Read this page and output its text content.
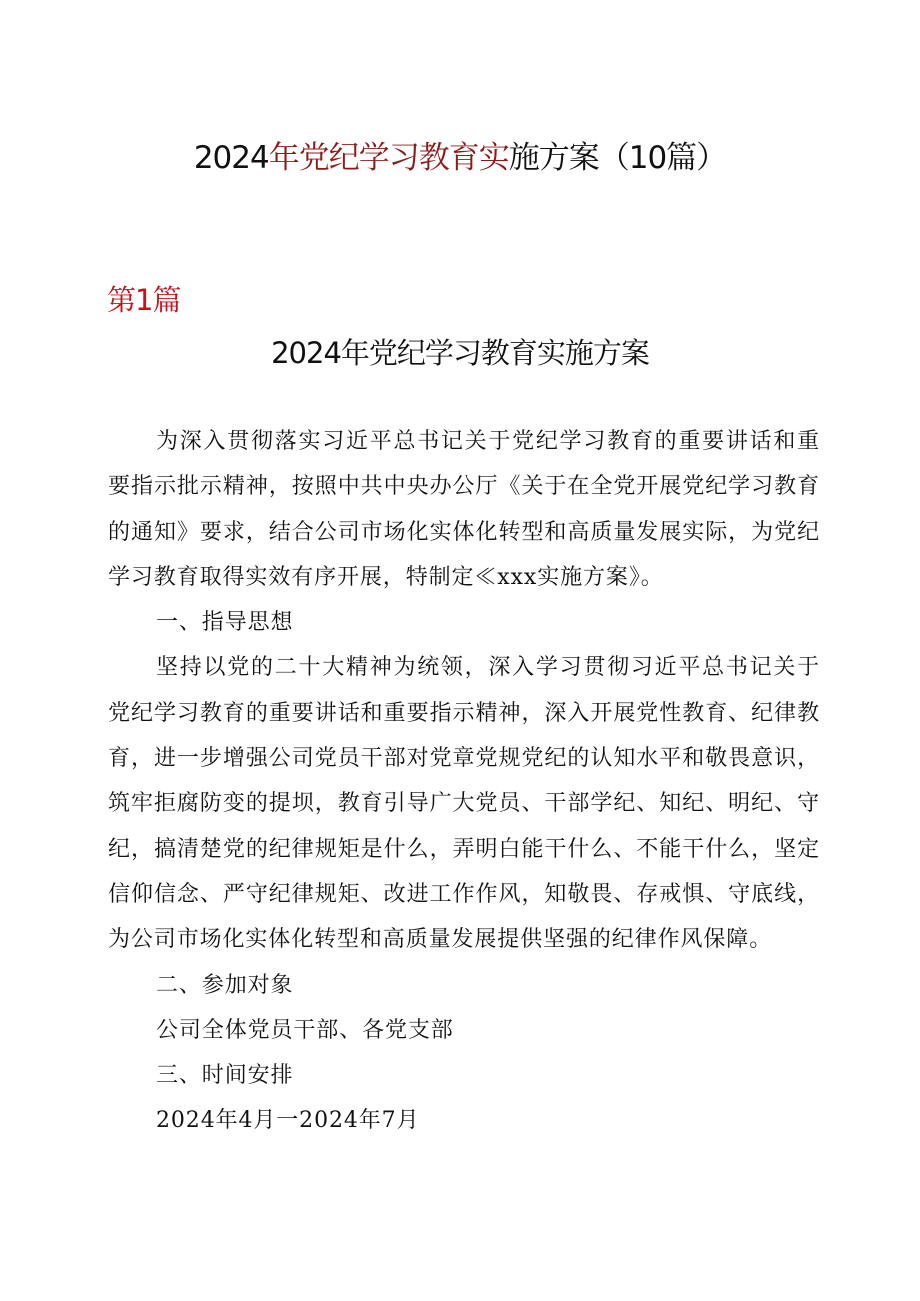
2024年党纪学习教育实施方案（10篇）
第1篇
2024年党纪学习教育实施方案

为深入贯彻落实习近平总书记关于党纪学习教育的重要讲话和重要指示批示精神，按照中共中央办公厅《关于在全党开展党纪学习教育的通知》要求，结合公司市场化实体化转型和高质量发展实际，为党纪学习教育取得实效有序开展，特制定≪xxx实施方案》。

一、指导思想

坚持以党的二十大精神为统领，深入学习贯彻习近平总书记关于党纪学习教育的重要讲话和重要指示精神，深入开展党性教育、纪律教育，进一步增强公司党员干部对党章党规党纪的认知水平和敬畏意识，筑牢拒腐防变的提坝，教育引导广大党员、干部学纪、知纪、明纪、守纪，搞清楚党的纪律规矩是什么，弄明白能干什么、不能干什么，坚定信仰信念、严守纪律规矩、改进工作作风，知敬畏、存戒惧、守底线，为公司市场化实体化转型和高质量发展提供坚强的纪律作风保障。

二、参加对象

公司全体党员干部、各党支部

三、时间安排

2024年4月一2024年7月
